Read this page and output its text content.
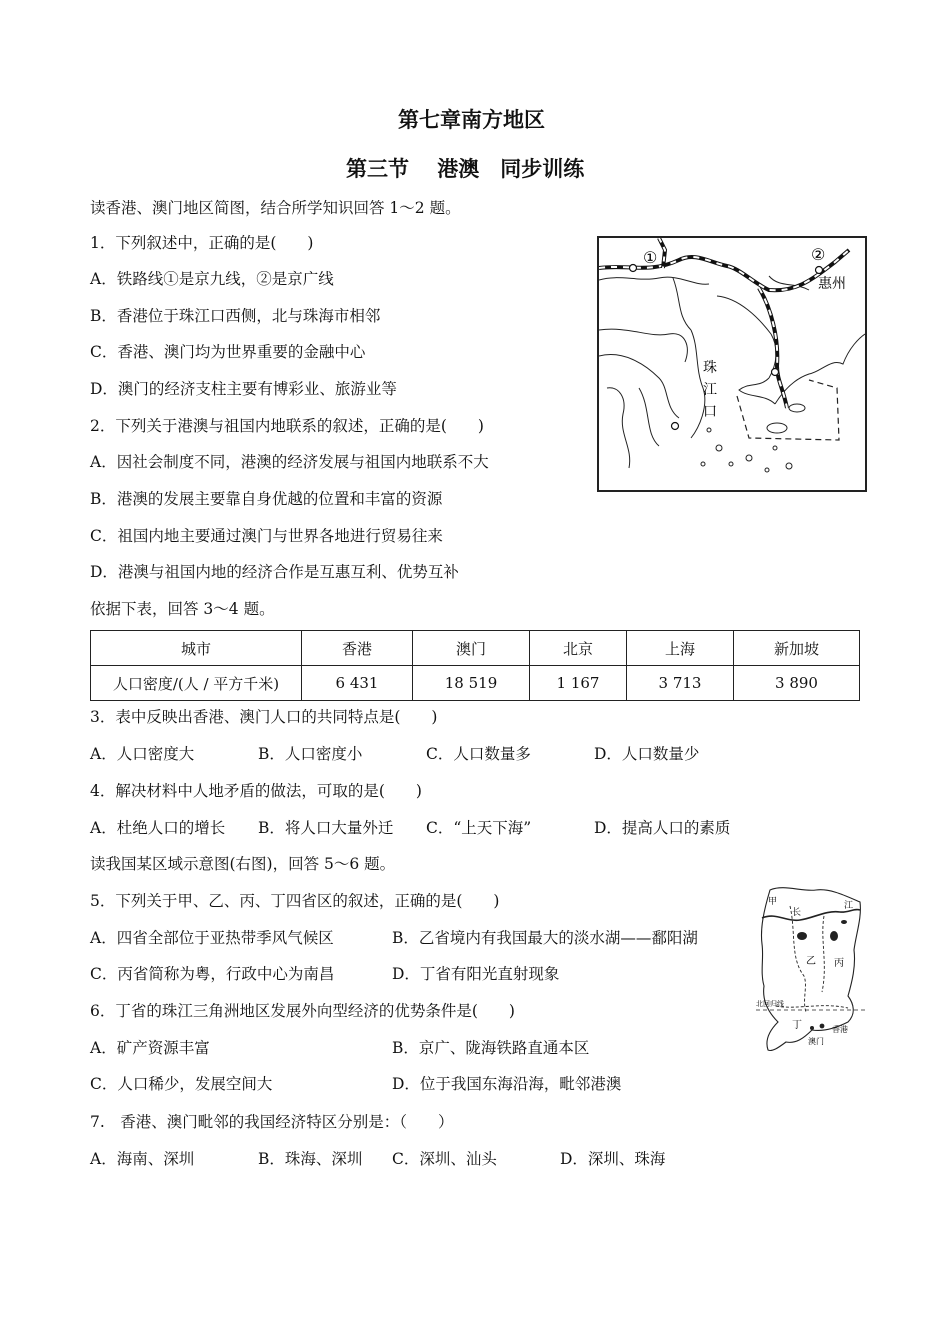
第七章南方地区
第三节　 港澳　同步训练
读香港、澳门地区简图，结合所学知识回答 1～2 题。
1．下列叙述中，正确的是(　　)
A．铁路线①是京九线，②是京广线
B．香港位于珠江口西侧，北与珠海市相邻
C．香港、澳门均为世界重要的金融中心
D．澳门的经济支柱主要有博彩业、旅游业等
2．下列关于港澳与祖国内地联系的叙述，正确的是(　　)
A．因社会制度不同，港澳的经济发展与祖国内地联系不大
B．港澳的发展主要靠自身优越的位置和丰富的资源
C．祖国内地主要通过澳门与世界各地进行贸易往来
D．港澳与祖国内地的经济合作是互惠互利、优势互补
①	②
惠州
珠
江
口
依据下表，回答 3～4 题。
城市	香港	澳门	北京	上海	新加坡
人口密度/(人 / 平方千米)	6 431	18 519	1 167	3 713	3 890
3．表中反映出香港、澳门人口的共同特点是(　　)
A．人口密度大	B．人口密度小	C．人口数量多	D．人口数量少
4．解决材料中人地矛盾的做法，可取的是(　　)
A．杜绝人口的增长 B．将人口大量外迁 C．“上天下海”	D．提高人口的素质
读我国某区域示意图(右图)，回答 5～6 题。
5．下列关于甲、乙、丙、丁四省区的叙述，正确的是(　　)
A．四省全部位于亚热带季风气候区	B．乙省境内有我国最大的淡水湖——鄱阳湖
C．丙省简称为粤，行政中心为南昌	D．丁省有阳光直射现象
6．丁省的珠江三角洲地区发展外向型经济的优势条件是(　　)
A．矿产资源丰富	B．京广、陇海铁路直通本区
C．人口稀少，发展空间大	D．位于我国东海沿海，毗邻港澳
甲
长
江
乙 丙
丁
北回归线
香港
澳门
7.　香港、澳门毗邻的我国经济特区分别是：（　　）
A．海南、深圳	B．珠海、深圳 C．深圳、汕头	D．深圳、珠海
